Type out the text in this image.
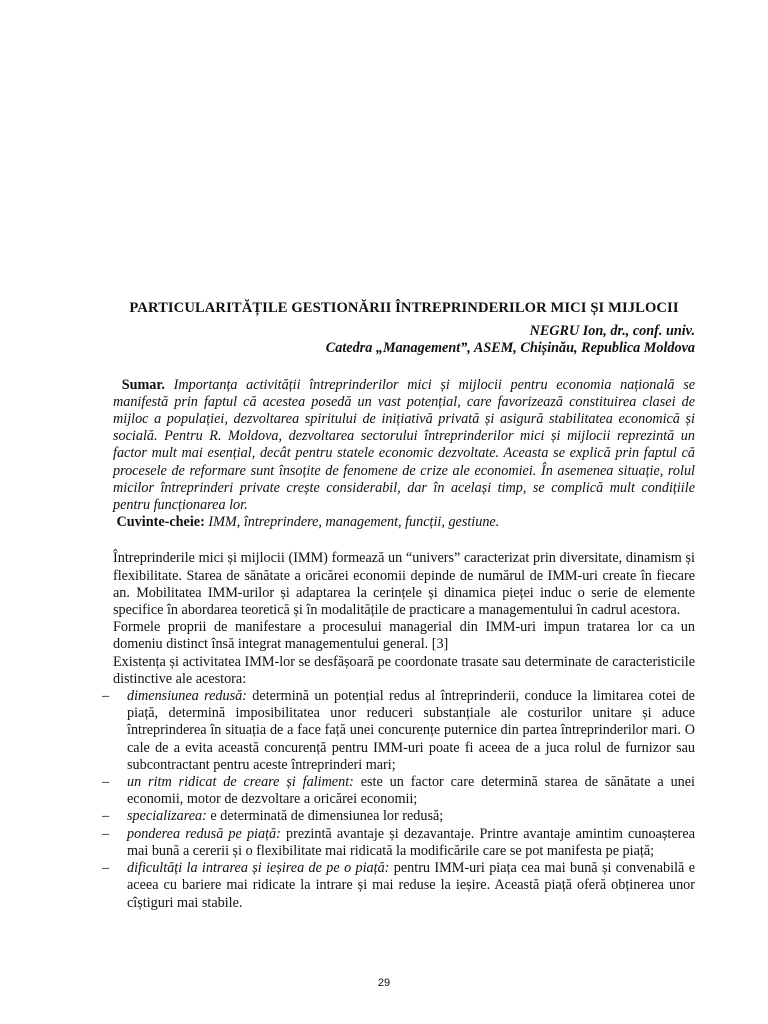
PARTICULARITĂȚILE GESTIONĂRII ÎNTREPRINDERILOR MICI ȘI MIJLOCII
NEGRU Ion, dr., conf. univ.
Catedra „Management”, ASEM, Chișinău, Republica Moldova

Sumar. Importanța activității întreprinderilor mici și mijlocii pentru economia națională se manifestă prin faptul că acestea posedă un vast potențial, care favorizează constituirea clasei de mijloc a populației, dezvoltarea spiritului de inițiativă privată și asigură stabilitatea economică și socială. Pentru R. Moldova, dezvoltarea sectorului întreprinderilor mici și mijlocii reprezintă un factor mult mai esențial, decât pentru statele economic dezvoltate. Aceasta se explică prin faptul că procesele de reformare sunt însoțite de fenomene de crize ale economiei. În asemenea situație, rolul micilor întreprinderi private crește considerabil, dar în același timp, se complică mult condițiile pentru funcționarea lor.

Cuvinte-cheie: IMM, întreprindere, management, funcții, gestiune.

Întreprinderile mici și mijlocii (IMM) formează un “univers” caracterizat prin diversitate, dinamism și flexibilitate. Starea de sănătate a oricărei economii depinde de numărul de IMM-uri create în fiecare an. Mobilitatea IMM-urilor și adaptarea la cerințele și dinamica pieței induc o serie de elemente specifice în abordarea teoretică și în modalitățile de practicare a managementului în cadrul acestora.

Formele proprii de manifestare a procesului managerial din IMM-uri impun tratarea lor ca un domeniu distinct însă integrat managementului general. [3]

Existența și activitatea IMM-lor se desfășoară pe coordonate trasate sau determinate de caracteristicile distinctive ale acestora:

– dimensiunea redusă: determină un potențial redus al întreprinderii, conduce la limitarea cotei de piață, determină imposibilitatea unor reduceri substanțiale ale costurilor unitare și aduce întreprinderea în situația de a face față unei concurențe puternice din partea întreprinderilor mari. O cale de a evita această concurență pentru IMM-uri poate fi aceea de a juca rolul de furnizor sau subcontractant pentru aceste întreprinderi mari;
– un ritm ridicat de creare și faliment: este un factor care determină starea de sănătate a unei economii, motor de dezvoltare a oricărei economii;
– specializarea: e determinată de dimensiunea lor redusă;
– ponderea redusă pe piață: prezintă avantaje și dezavantaje. Printre avantaje amintim cunoașterea mai bună a cererii și o flexibilitate mai ridicată la modificările care se pot manifesta pe piață;
– dificultăți la intrarea și ieșirea de pe o piață: pentru IMM-uri piața cea mai bună și convenabilă e aceea cu bariere mai ridicate la intrare și mai reduse la ieșire. Această piață oferă obținerea unor cîștiguri mai stabile.
29
